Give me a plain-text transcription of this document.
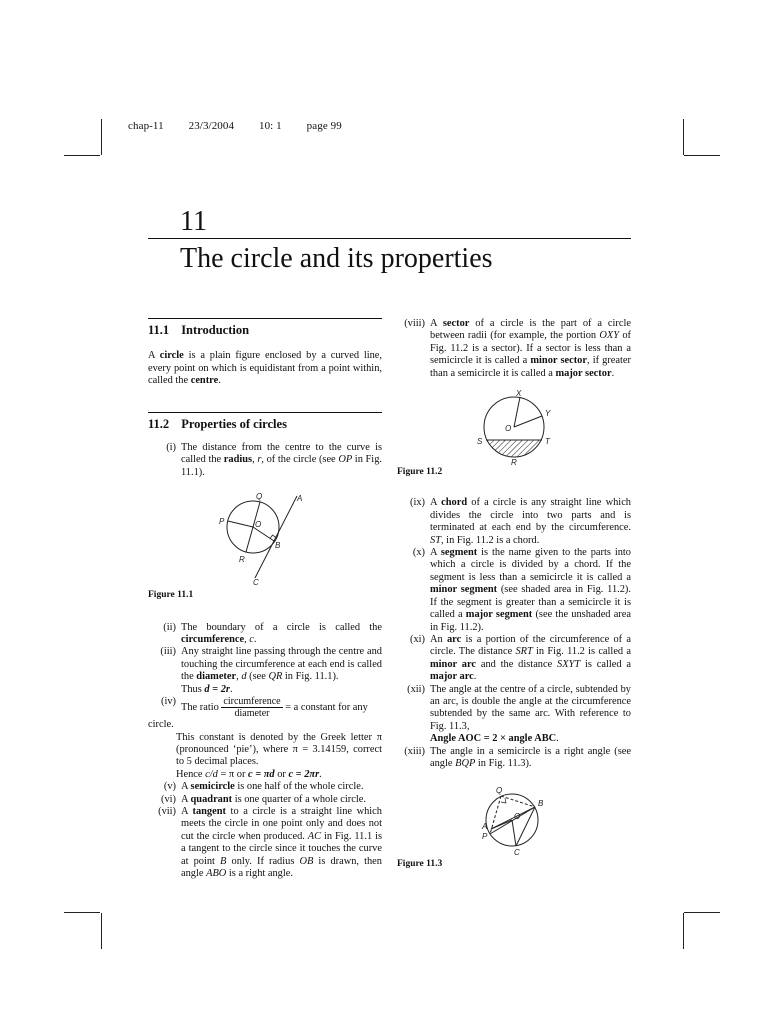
chap-11 23/3/2004 10: 1 page 99
11
The circle and its properties
11.1 Introduction
A circle is a plain figure enclosed by a curved line, every point on which is equidistant from a point within, called the centre.
11.2 Properties of circles
(i) The distance from the centre to the curve is called the radius, r, of the circle (see OP in Fig. 11.1).
Q	A
P	O
B
R
C
Figure 11.1
(ii) The boundary of a circle is called the circumference, c.
(iii) Any straight line passing through the centre and touching the circumference at each end is called the diameter, d (see QR in Fig. 11.1).
Thus d = 2r.
(iv)
The ratio $\frac{\text{circumference}}{\text{diameter}} = a$ constant for any
circle.
This constant is denoted by the Greek letter π (pronounced ‘pie’), where π = 3.14159, correct to 5 decimal places.
Hence c/d = π or c = πd or c = 2πr.
(v) A semicircle is one half of the whole circle.
(vi) A quadrant is one quarter of a whole circle.
(vii) A tangent to a circle is a straight line which meets the circle in one point only and does not cut the circle when produced. AC in Fig. 11.1 is a tangent to the circle since it touches the curve at point B only. If radius OB is drawn, then angle ABO is a right angle.
(viii) A sector of a circle is the part of a circle between radii (for example, the portion OXY of Fig. 11.2 is a sector). If a sector is less than a semicircle it is called a minor sector, if greater than a semicircle it is called a major sector.
X
Y
O
S	T
R
Figure 11.2
(ix) A chord of a circle is any straight line which divides the circle into two parts and is terminated at each end by the circumference. ST, in Fig. 11.2 is a chord.
(x) A segment is the name given to the parts into which a circle is divided by a chord. If the segment is less than a semicircle it is called a minor segment (see shaded area in Fig. 11.2). If the segment is greater than a semicircle it is called a major segment (see the unshaded area in Fig. 11.2).
(xi) An arc is a portion of the circumference of a circle. The distance SRT in Fig. 11.2 is called a minor arc and the distance SXYT is called a major arc.
(xii) The angle at the centre of a circle, subtended by an arc, is double the angle at the circumference subtended by the same arc. With reference to Fig. 11.3,
Angle AOC = 2 × angle ABC.
(xiii) The angle in a semicircle is a right angle (see angle BQP in Fig. 11.3).
Q
B
O
A
P
C
Figure 11.3
